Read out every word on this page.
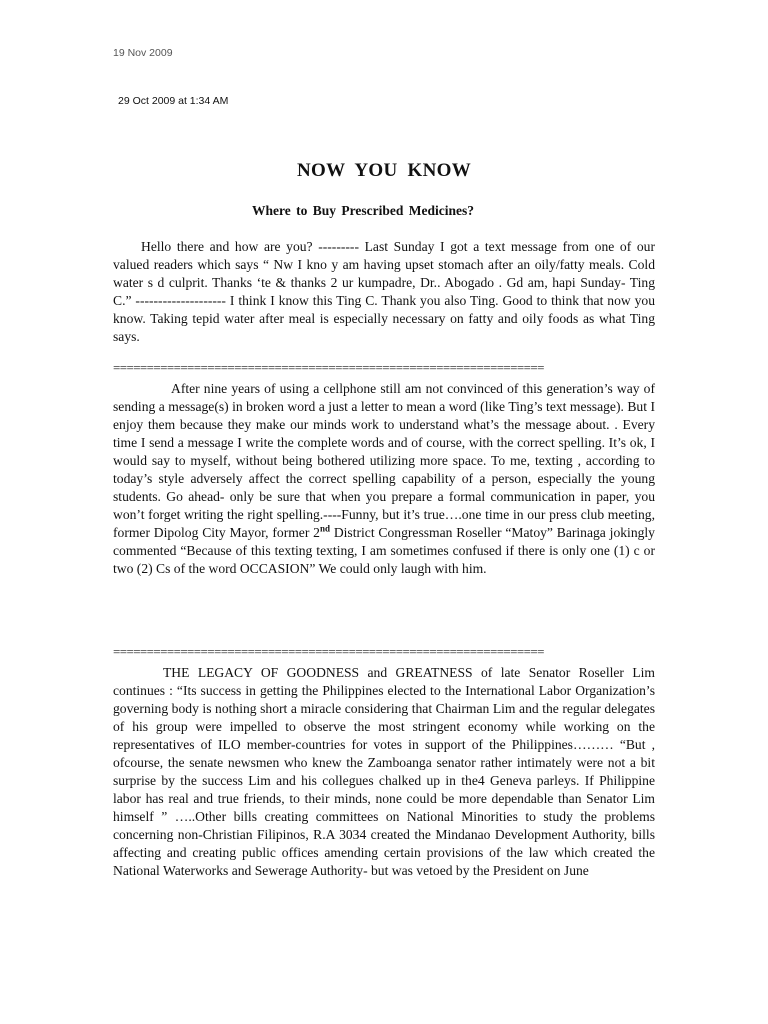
19 Nov 2009
29 Oct 2009 at 1:34 AM
NOW YOU KNOW
Where to Buy Prescribed Medicines?

Hello there and how are you? --------- Last Sunday I got a text message from one of our valued readers which says “ Nw I kno y am having upset stomach after an oily/fatty meals. Cold water s d culprit. Thanks ‘te & thanks 2 ur kumpadre, Dr.. Abogado . Gd am, hapi Sunday- Ting C.” -------------------- I think I know this Ting C. Thank you also Ting. Good to think that now you know. Taking tepid water after meal is especially necessary on fatty and oily foods as what Ting says.

================================================================

After nine years of using a cellphone still am not convinced of this generation’s way of sending a message(s) in broken word a just a letter to mean a word (like Ting’s text message). But I enjoy them because they make our minds work to understand what’s the message about. . Every time I send a message I write the complete words and of course, with the correct spelling. It’s ok, I would say to myself, without being bothered utilizing more space. To me, texting , according to today’s style adversely affect the correct spelling capability of a person, especially the young students. Go ahead- only be sure that when you prepare a formal communication in paper, you won’t forget writing the right spelling.----Funny, but it’s true….one time in our press club meeting, former Dipolog City Mayor, former 2nd District Congressman Roseller “Matoy” Barinaga jokingly commented “Because of this texting texting, I am sometimes confused if there is only one (1) c or two (2) Cs of the word OCCASION” We could only laugh with him.

================================================================

THE LEGACY OF GOODNESS and GREATNESS of late Senator Roseller Lim continues : “Its success in getting the Philippines elected to the International Labor Organization’s governing body is nothing short a miracle considering that Chairman Lim and the regular delegates of his group were impelled to observe the most stringent economy while working on the representatives of ILO member-countries for votes in support of the Philippines……… “But , ofcourse, the senate newsmen who knew the Zamboanga senator rather intimately were not a bit surprise by the success Lim and his collegues chalked up in the4 Geneva parleys. If Philippine labor has real and true friends, to their minds, none could be more dependable than Senator Lim himself ” …..Other bills creating committees on National Minorities to study the problems concerning non-Christian Filipinos, R.A 3034 created the Mindanao Development Authority, bills affecting and creating public offices amending certain provisions of the law which created the National Waterworks and Sewerage Authority- but was vetoed by the President on June
